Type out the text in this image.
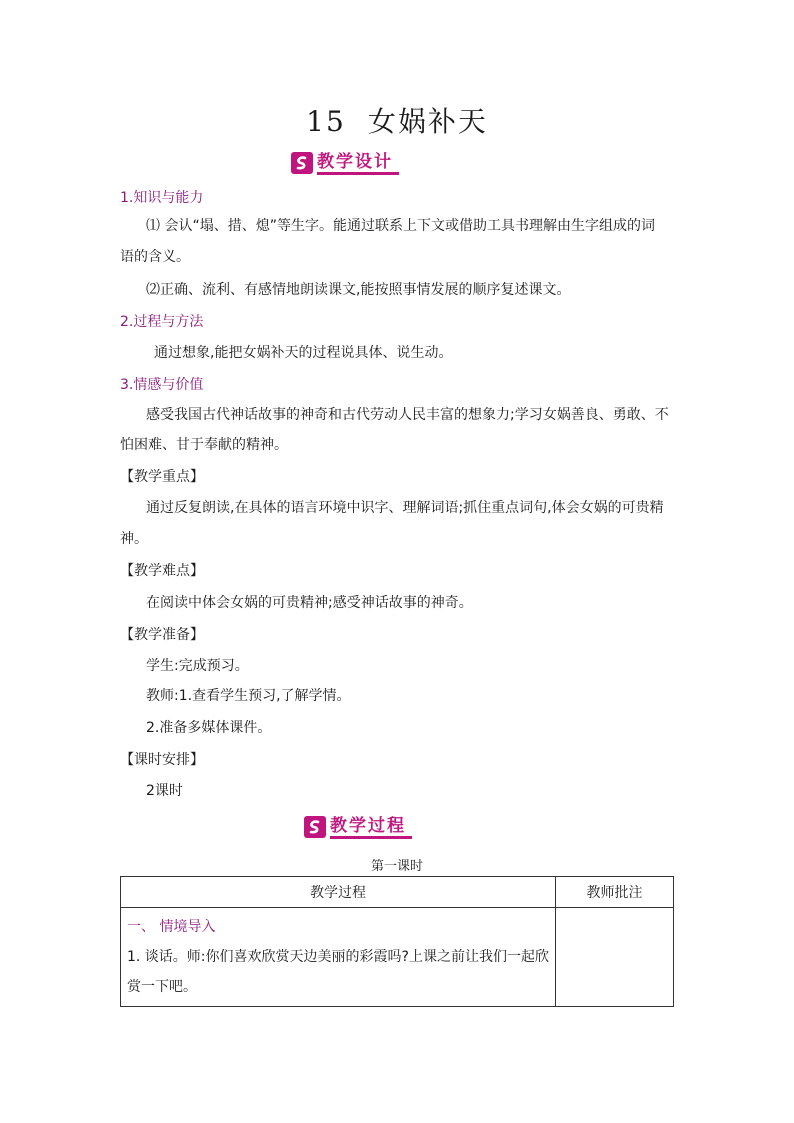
15 女娲补天
教学设计
1.知识与能力
⑴ 会认“塌、措、熄”等生字。能通过联系上下文或借助工具书理解由生字组成的词
语的含义。
⑵正确、流利、有感情地朗读课文,能按照事情发展的顺序复述课文。
2.过程与方法
通过想象,能把女娲补天的过程说具体、说生动。
3.情感与价值
感受我国古代神话故事的神奇和古代劳动人民丰富的想象力;学习女娲善良、勇敢、不
怕困难、甘于奉献的精神。
【教学重点】
通过反复朗读,在具体的语言环境中识字、理解词语;抓住重点词句,体会女娲的可贵精
神。
【教学难点】
在阅读中体会女娲的可贵精神;感受神话故事的神奇。
【教学准备】
学生:完成预习。
教师:1.查看学生预习,了解学情。
2.准备多媒体课件。
【课时安排】
2课时
教学过程
第一课时
教学过程	教师批注

一、 情境导入
1. 谈话。师:你们喜欢欣赏天边美丽的彩霞吗?上课之前让我们一起欣
赏一下吧。	
